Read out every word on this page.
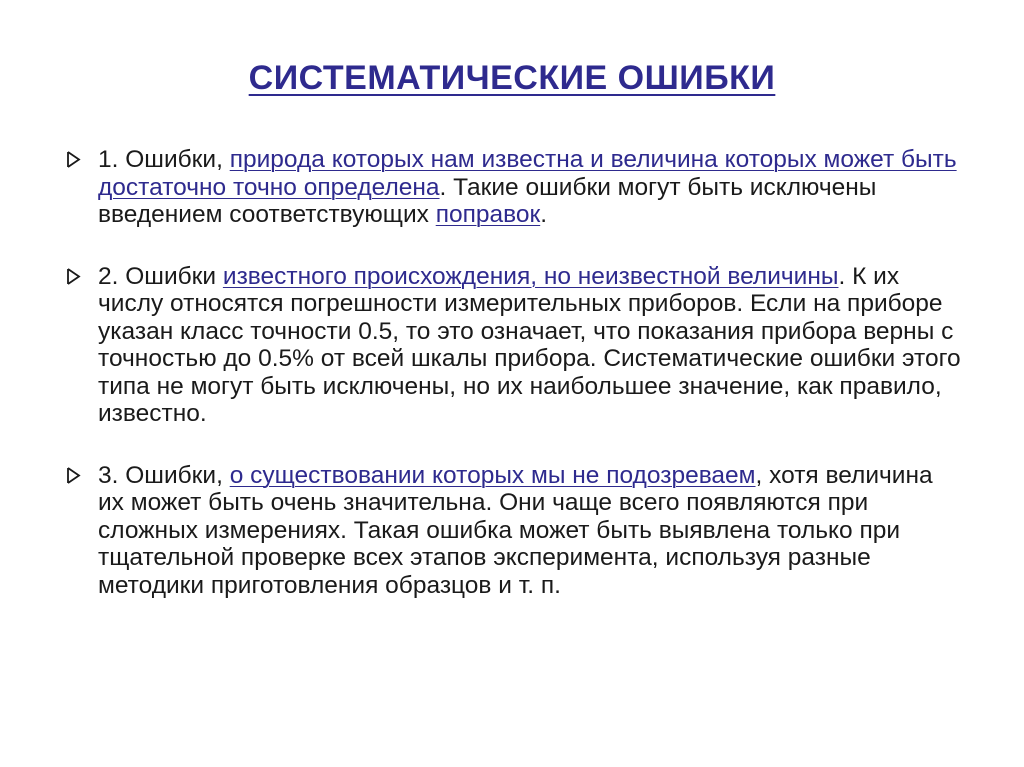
СИСТЕМАТИЧЕСКИЕ ОШИБКИ
1. Ошибки, природа которых нам известна и величина которых может быть достаточно точно определена. Такие ошибки могут быть исключены введением соответствующих поправок.
2. Ошибки известного происхождения, но неизвестной величины. К их числу относятся погрешности измерительных приборов. Если на приборе указан класс точности 0.5, то это означает, что показания прибора верны с точностью до 0.5% от всей шкалы прибора. Систематические ошибки этого типа не могут быть исключены, но их наибольшее значение, как правило, известно.
3. Ошибки, о существовании которых мы не подозреваем, хотя величина их может быть очень значительна. Они чаще всего появляются при сложных измерениях. Такая ошибка может быть выявлена только при тщательной проверке всех этапов эксперимента, используя разные методики приготовления образцов и т. п.
